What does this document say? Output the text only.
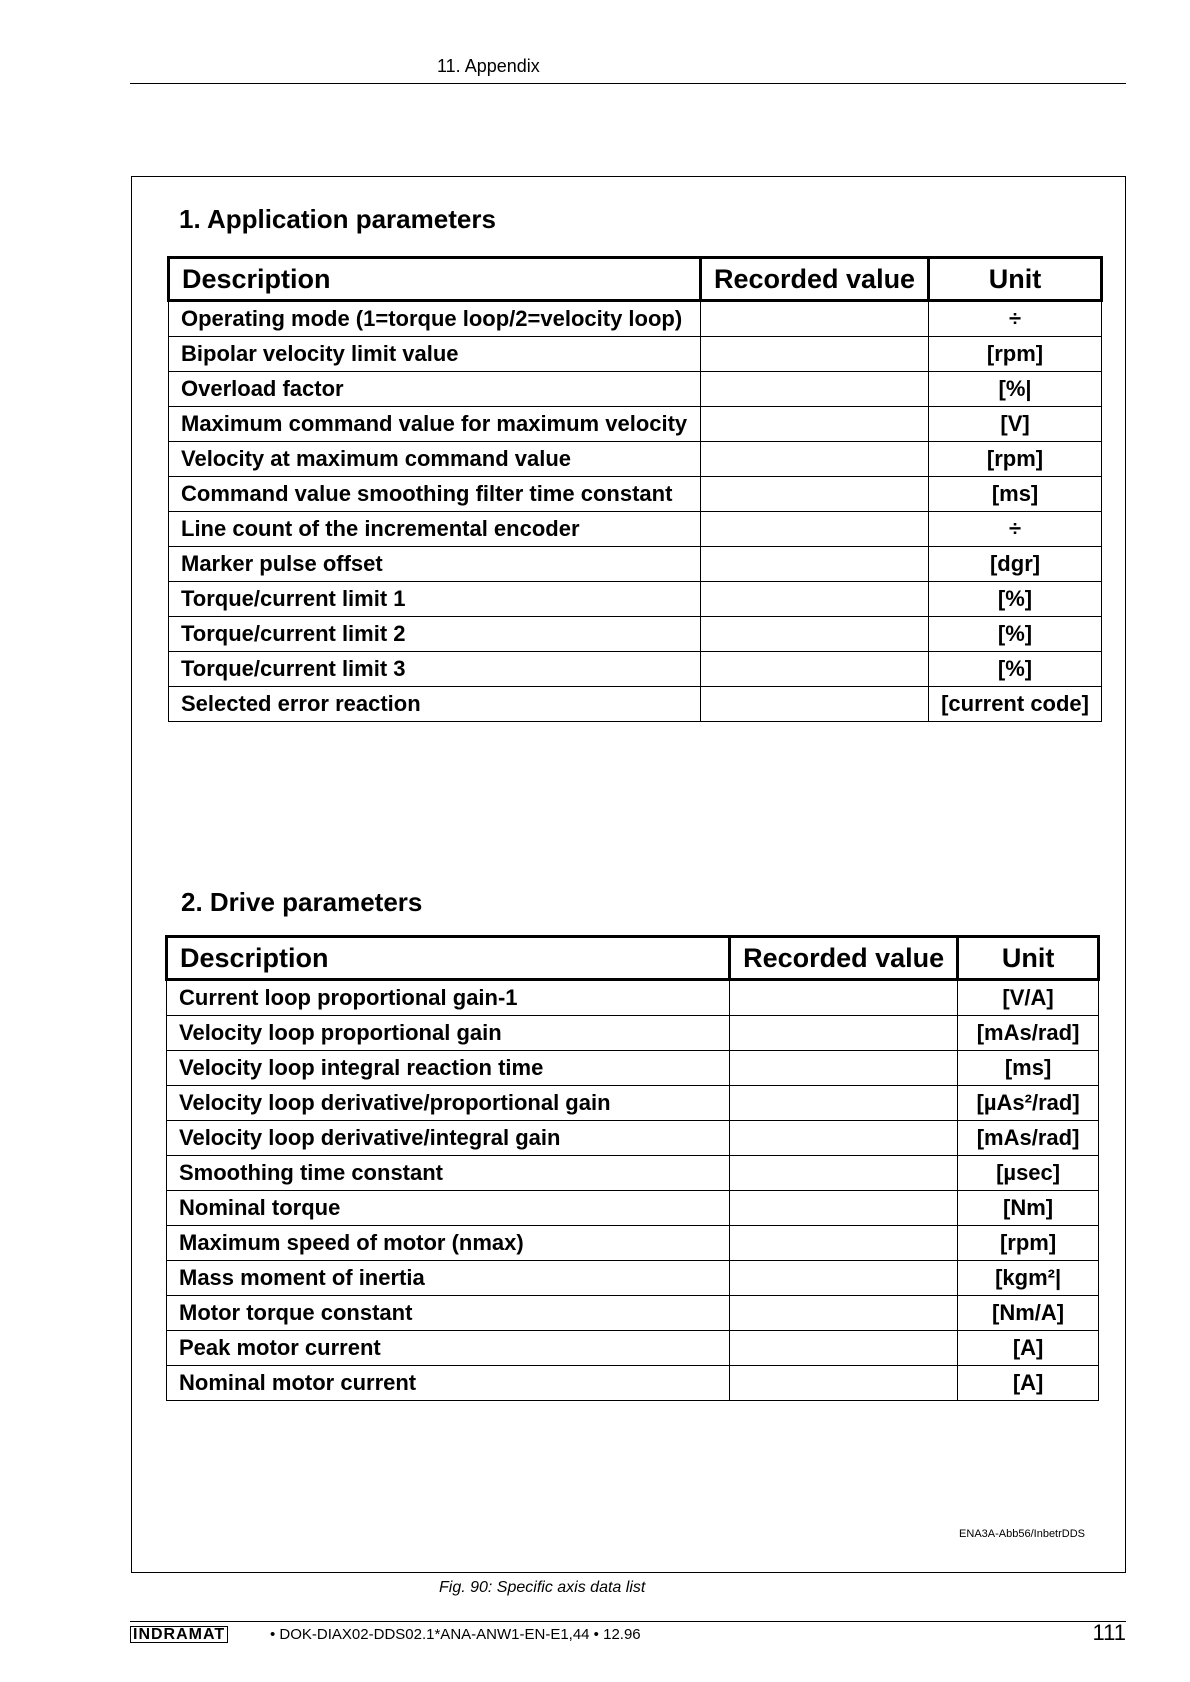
11. Appendix
1. Application parameters
Description	Recorded value	Unit
Operating mode (1=torque loop/2=velocity loop)		÷
Bipolar velocity limit value		[rpm]
Overload factor		[%|
Maximum command value for maximum velocity		[V]
Velocity at maximum command value		[rpm]
Command value smoothing filter time constant		[ms]
Line count of the incremental encoder		÷
Marker pulse offset		[dgr]
Torque/current limit 1		[%]
Torque/current limit 2		[%]
Torque/current limit 3		[%]
Selected error reaction		[current code]
2. Drive parameters
Description	Recorded value	Unit
Current loop proportional gain-1		[V/A]
Velocity loop proportional gain		[mAs/rad]
Velocity loop integral reaction time		[ms]
Velocity loop derivative/proportional gain		[µAs²/rad]
Velocity loop derivative/integral gain		[mAs/rad]
Smoothing time constant		[µsec]
Nominal torque		[Nm]
Maximum speed of motor (nmax)		[rpm]
Mass moment of inertia		[kgm²|
Motor torque constant		[Nm/A]
Peak motor current		[A]
Nominal motor current		[A]
ENA3A-Abb56/InbetrDDS
Fig. 90: Specific axis data list
INDRAMAT	• DOK-DIAX02-DDS02.1*ANA-ANW1-EN-E1,44 • 12.96	111
